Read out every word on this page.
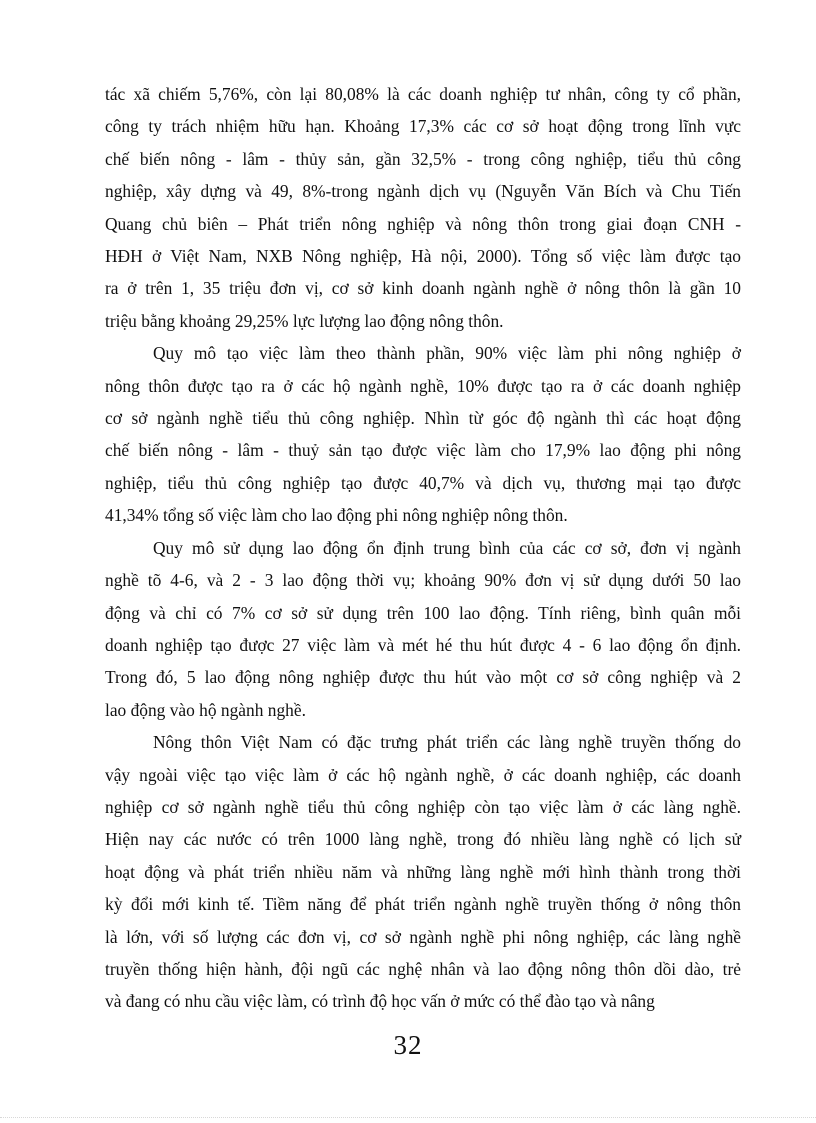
tác xã chiếm 5,76%, còn lại 80,08% là các doanh nghiệp tư nhân, công ty cổ phần,
công ty trách nhiệm hữu hạn. Khoảng 17,3% các cơ sở hoạt động trong lĩnh vực
chế biến nông - lâm - thủy sản, gần 32,5% - trong công nghiệp, tiểu thủ công
nghiệp, xây dựng và 49, 8%-trong ngành dịch vụ (Nguyễn Văn Bích và Chu Tiến
Quang chủ biên – Phát triển nông nghiệp và nông thôn trong giai đoạn CNH -
HĐH ở Việt Nam, NXB Nông nghiệp, Hà nội, 2000). Tổng số việc làm được tạo
ra ở trên 1, 35 triệu đơn vị, cơ sở kinh doanh ngành nghề ở nông thôn là gần 10
triệu bằng khoảng 29,25% lực lượng lao động nông thôn.
Quy mô tạo việc làm theo thành phần, 90% việc làm phi nông nghiệp ở
nông thôn được tạo ra ở các hộ ngành nghề, 10% được tạo ra ở các doanh nghiệp
cơ sở ngành nghề tiểu thủ công nghiệp. Nhìn từ góc độ ngành thì các hoạt động
chế biến nông - lâm - thuỷ sản tạo được việc làm cho 17,9% lao động phi nông
nghiệp, tiểu thủ công nghiệp tạo được 40,7% và dịch vụ, thương mại tạo được
41,34% tổng số việc làm cho lao động phi nông nghiệp nông thôn.
Quy mô sử dụng lao động ổn định trung bình của các cơ sở, đơn vị ngành
nghề tõ 4-6, và 2 - 3 lao động thời vụ; khoảng 90% đơn vị sử dụng dưới 50 lao
động và chỉ có 7% cơ sở sử dụng trên 100 lao động. Tính riêng, bình quân mỗi
doanh nghiệp tạo được 27 việc làm và mét hé thu hút được 4 - 6 lao động ổn định.
Trong đó, 5 lao động nông nghiệp được thu hút vào một cơ sở công nghiệp và 2
lao động vào hộ ngành nghề.
Nông thôn Việt Nam có đặc trưng phát triển các làng nghề truyền thống do
vậy ngoài việc tạo việc làm ở các hộ ngành nghề, ở các doanh nghiệp, các doanh
nghiệp cơ sở ngành nghề tiểu thủ công nghiệp còn tạo việc làm ở các làng nghề.
Hiện nay các nước có trên 1000 làng nghề, trong đó nhiều làng nghề có lịch sử
hoạt động và phát triển nhiều năm và những làng nghề mới hình thành trong thời
kỳ đổi mới kinh tế. Tiềm năng để phát triển ngành nghề truyền thống ở nông thôn
là lớn, với số lượng các đơn vị, cơ sở ngành nghề phi nông nghiệp, các làng nghề
truyền thống hiện hành, đội ngũ các nghệ nhân và lao động nông thôn dồi dào, trẻ
và đang có nhu cầu việc làm, có trình độ học vấn ở mức có thể đào tạo và nâng
32
